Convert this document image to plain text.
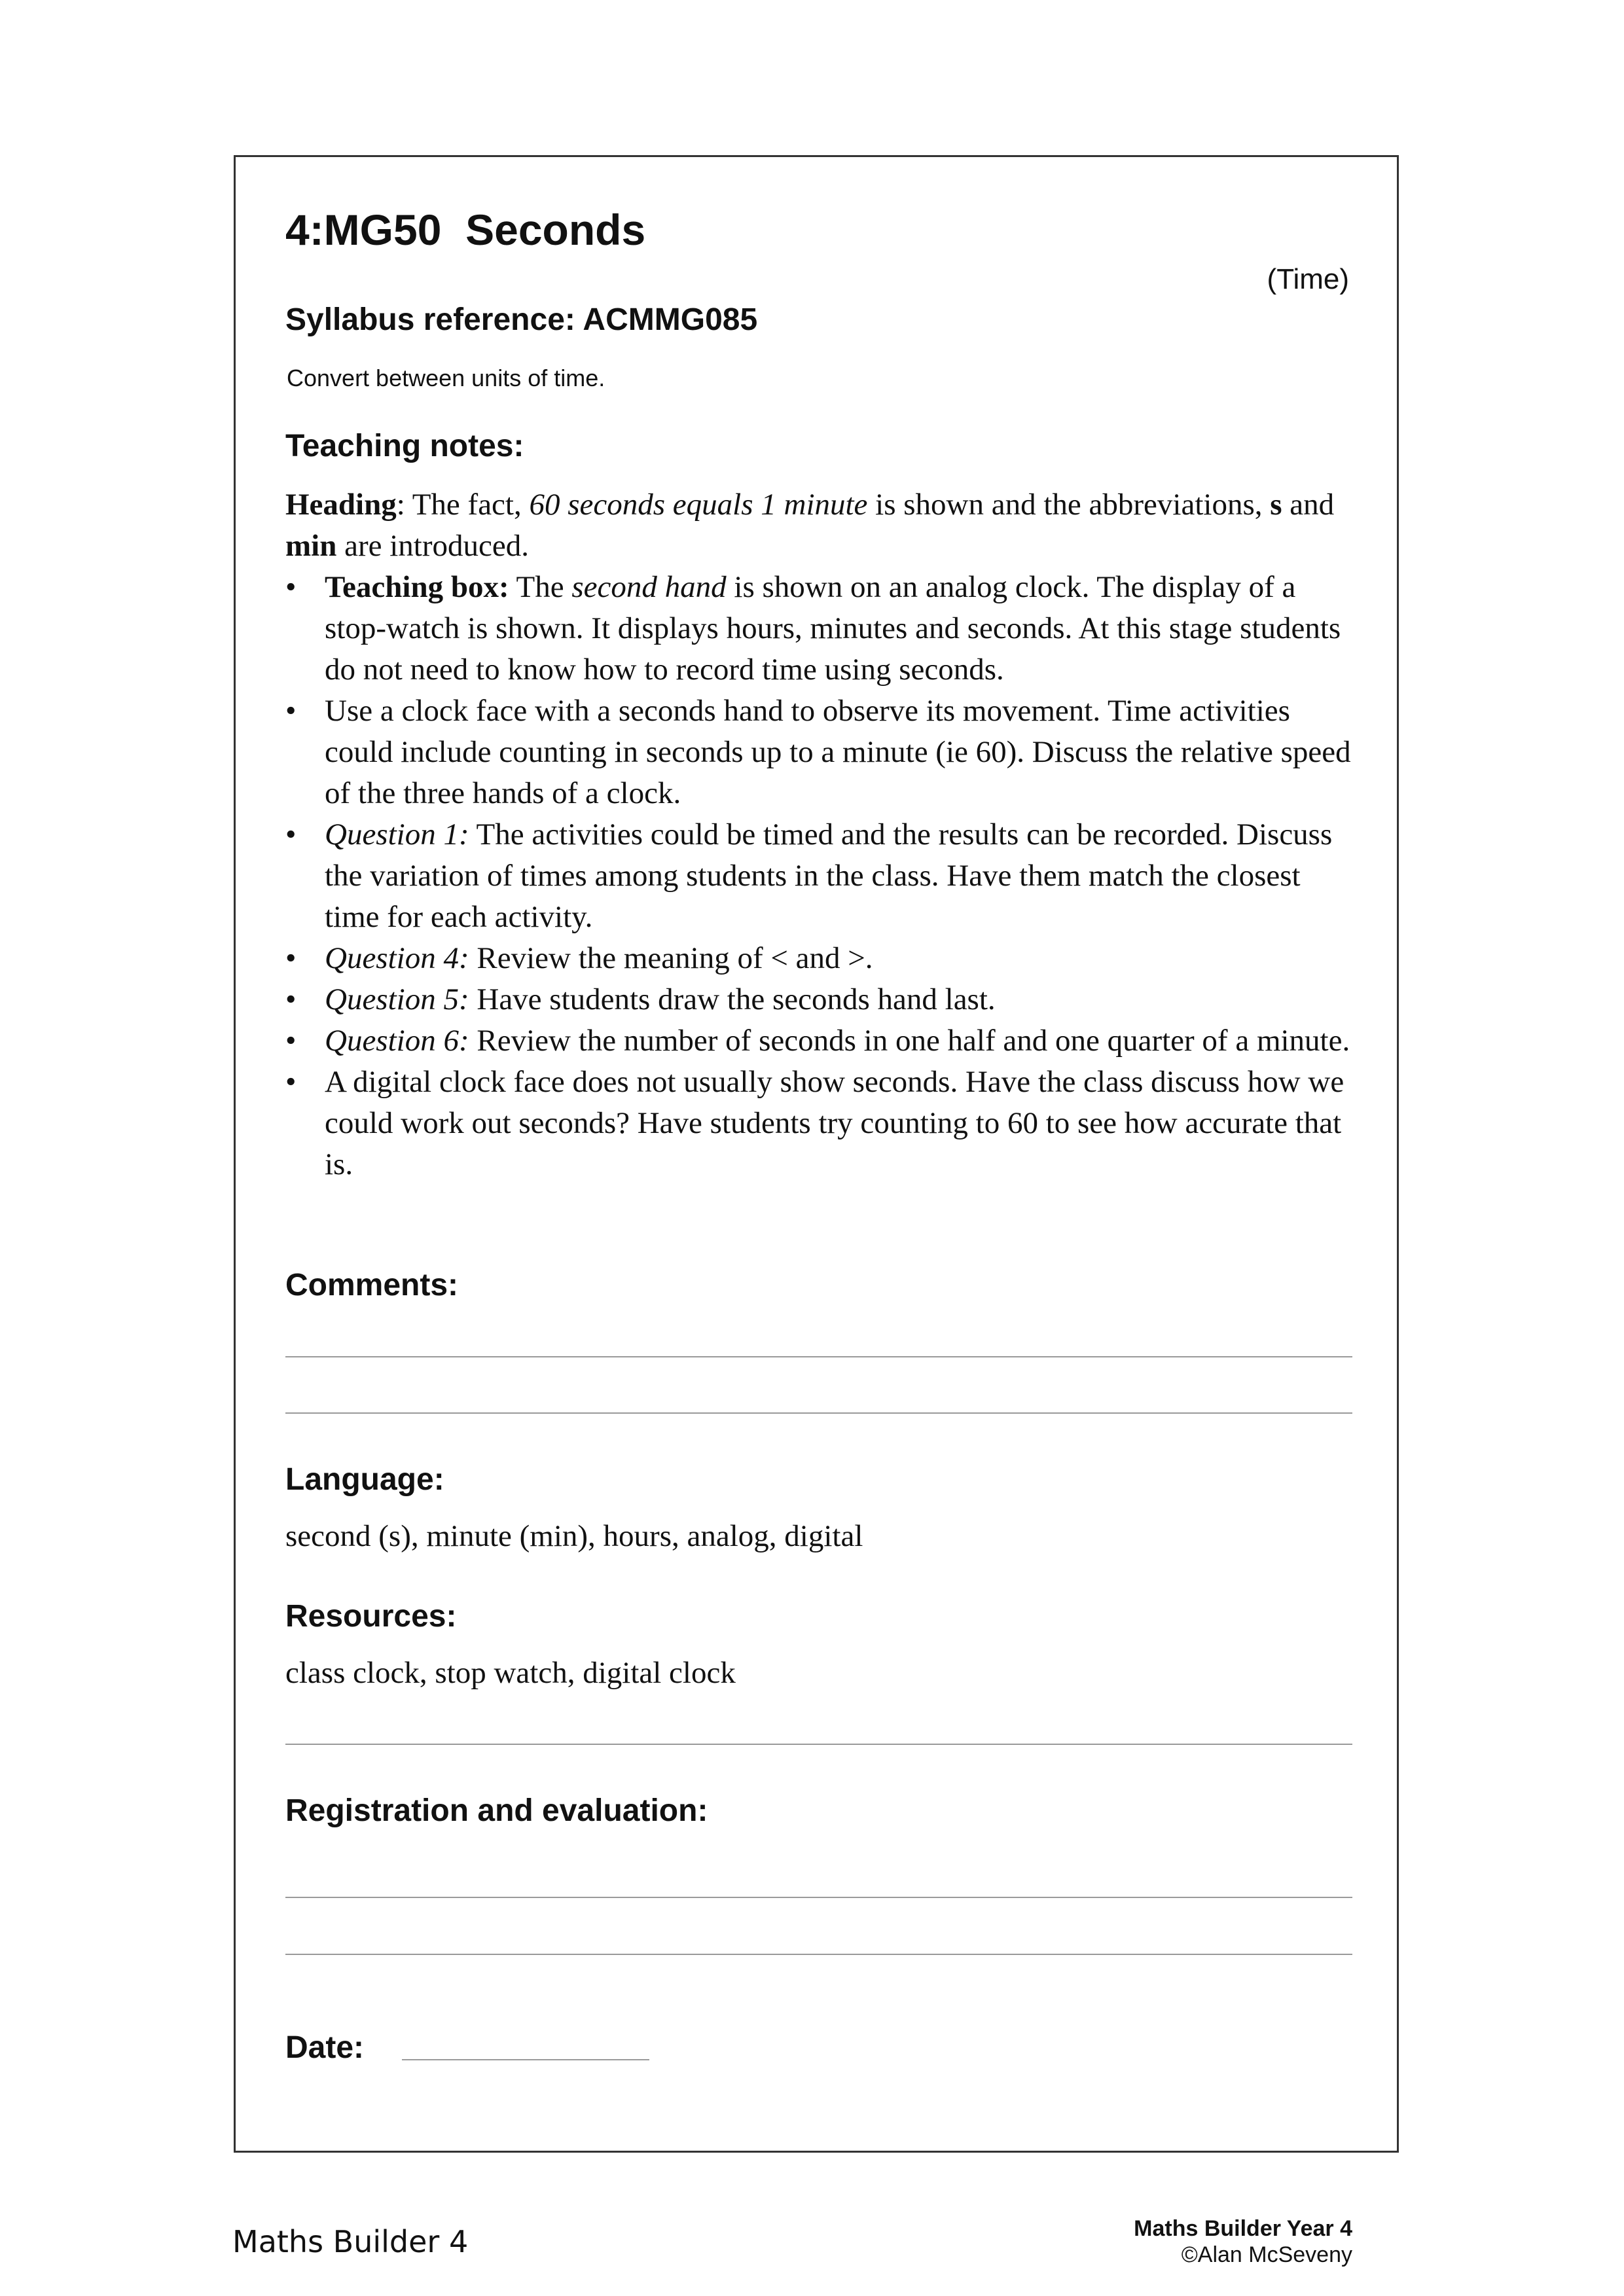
4:MG50  Seconds
(Time)
Syllabus reference: ACMMG085
Convert between units of time.
Teaching notes:

Heading: The fact, 60 seconds equals 1 minute is shown and the abbreviations, s and min are introduced.

• Teaching box: The second hand is shown on an analog clock. The display of a stop-watch is shown. It displays hours, minutes and seconds. At this stage students do not need to know how to record time using seconds.
• Use a clock face with a seconds hand to observe its movement. Time activities could include counting in seconds up to a minute (ie 60). Discuss the relative speed of the three hands of a clock.
• Question 1: The activities could be timed and the results can be recorded. Discuss the variation of times among students in the class. Have them match the closest time for each activity.
• Question 4: Review the meaning of < and >.
• Question 5: Have students draw the seconds hand last.
• Question 6: Review the number of seconds in one half and one quarter of a minute.
• A digital clock face does not usually show seconds. Have the class discuss how we could work out seconds? Have students try counting to 60 to see how accurate that is.
Comments:
Language:

second (s), minute (min), hours, analog, digital

Resources:

class clock, stop watch, digital clock

Registration and evaluation:
Date:
Maths Builder 4	Maths Builder Year 4
©Alan McSeveny
